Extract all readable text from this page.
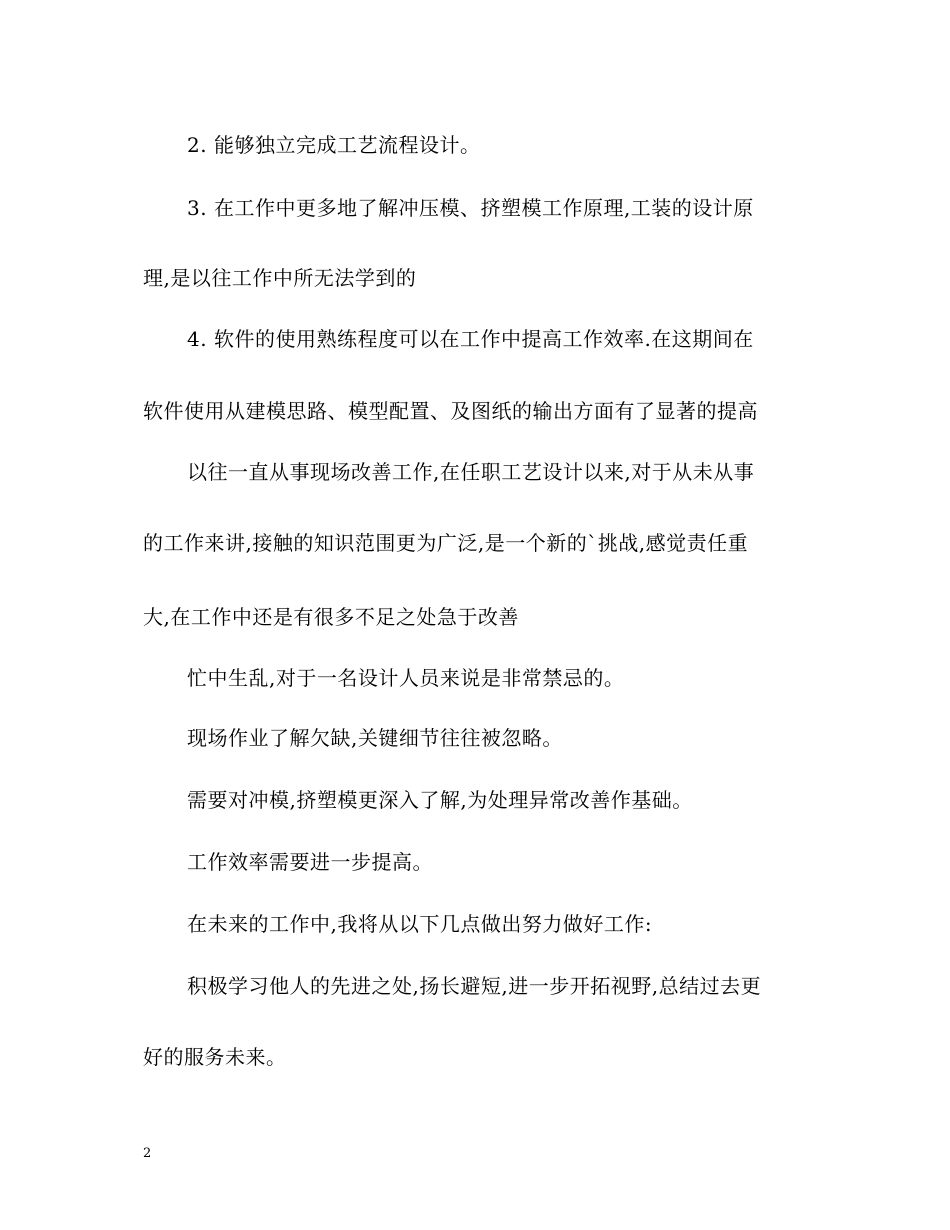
2. 能够独立完成工艺流程设计。
3. 在工作中更多地了解冲压模、挤塑模工作原理,工装的设计原
理,是以往工作中所无法学到的
4. 软件的使用熟练程度可以在工作中提高工作效率.在这期间在
软件使用从建模思路、模型配置、及图纸的输出方面有了显著的提高
以往一直从事现场改善工作,在任职工艺设计以来,对于从未从事
的工作来讲,接触的知识范围更为广泛,是一个新的`挑战,感觉责任重
大,在工作中还是有很多不足之处急于改善
忙中生乱,对于一名设计人员来说是非常禁忌的。
现场作业了解欠缺,关键细节往往被忽略。
需要对冲模,挤塑模更深入了解,为处理异常改善作基础。
工作效率需要进一步提高。
在未来的工作中,我将从以下几点做出努力做好工作:
积极学习他人的先进之处,扬长避短,进一步开拓视野,总结过去更
好的服务未来。
2
